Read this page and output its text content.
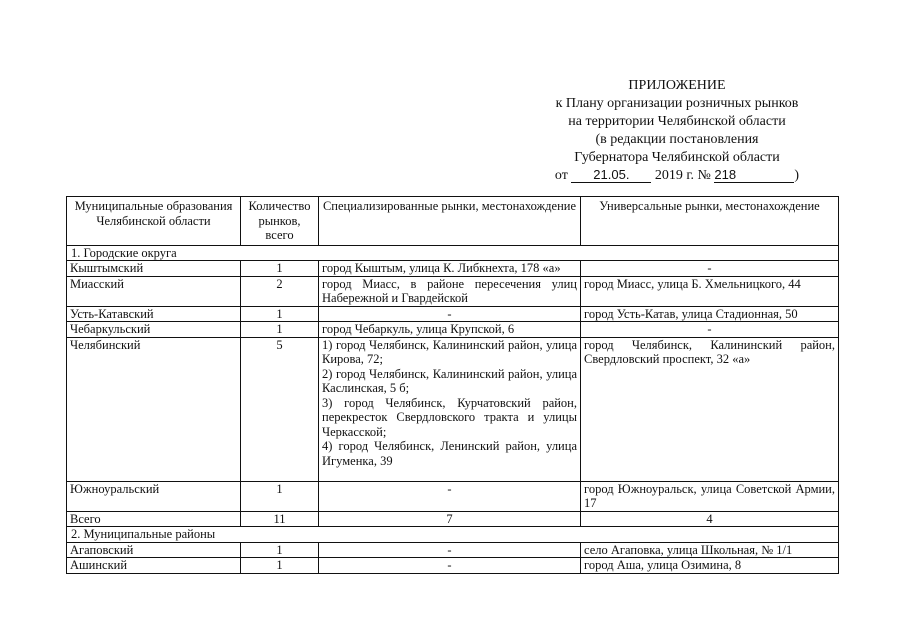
ПРИЛОЖЕНИЕ
к Плану организации розничных рынков
на территории Челябинской области
(в редакции постановления
Губернатора Челябинской области
от 21.05. 2019 г. № 218	)
Муниципальные образования Челябинской области	Количество рынков, всего	Специализированные рынки, местонахождение	Универсальные рынки, местонахождение
1. Городские округа			
Кыштымский	1	город Кыштым, улица К. Либкнехта, 178 «а»	-
Миасский	2	город Миасс, в районе пересечения улиц Набережной и Гвардейской	город Миасс, улица Б. Хмельницкого, 44
Усть-Катавский	1	-	город Усть-Катав, улица Стадионная, 50
Чебаркульский	1	город Чебаркуль, улица Крупской, 6	-
Челябинский	5	1) город Челябинск, Калининский район, улица Кирова, 72;
2) город Челябинск, Калининский район, улица Каслинская, 5 б;
3) город Челябинск, Курчатовский район, перекресток Свердловского тракта и улицы Черкасской;
4) город Челябинск, Ленинский район, улица Игуменка, 39	город Челябинск, Калининский район, Свердловский проспект, 32 «а»
Южноуральский	1	-	город Южноуральск, улица Советской Армии, 17
Всего	11	7	4
2. Муниципальные районы			
Агаповский	1	-	село Агаповка, улица Школьная, № 1/1
Ашинский	1	-	город Аша, улица Озимина, 8
